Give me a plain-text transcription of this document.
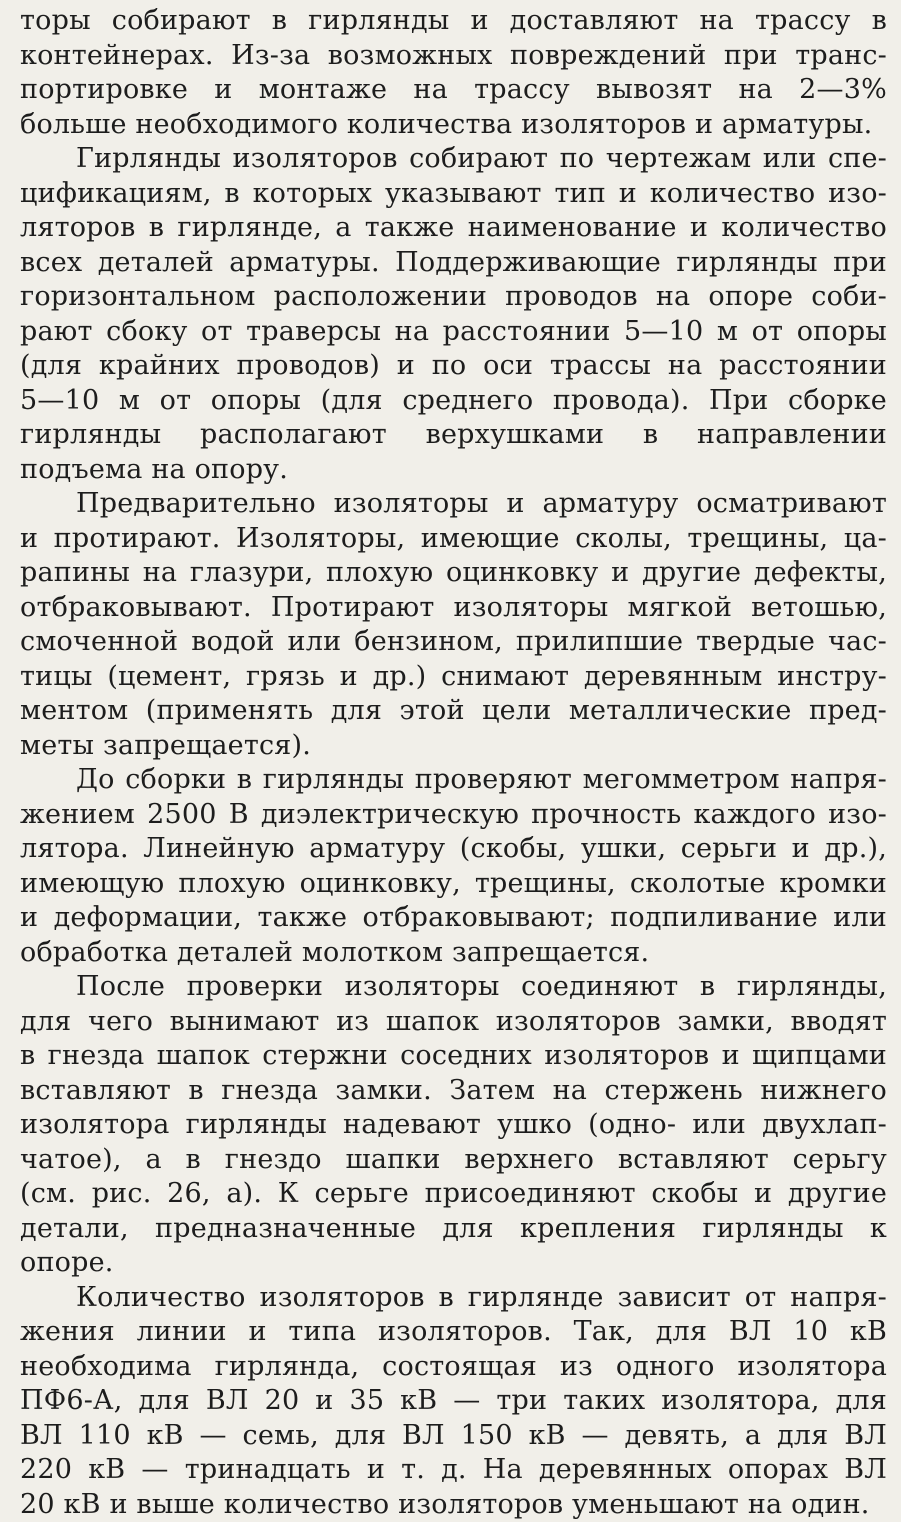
торы собирают в гирлянды и доставляют на трассу в
контейнерах. Из-за возможных повреждений при транс-
портировке и монтаже на трассу вывозят на 2—3%
больше необходимого количества изоляторов и арматуры.
Гирлянды изоляторов собирают по чертежам или спе-
цификациям, в которых указывают тип и количество изо-
ляторов в гирлянде, а также наименование и количество
всех деталей арматуры. Поддерживающие гирлянды при
горизонтальном расположении проводов на опоре соби-
рают сбоку от траверсы на расстоянии 5—10 м от опоры
(для крайних проводов) и по оси трассы на расстоянии
5—10 м от опоры (для среднего провода). При сборке
гирлянды располагают верхушками в направлении
подъема на опору.
Предварительно изоляторы и арматуру осматривают
и протирают. Изоляторы, имеющие сколы, трещины, ца-
рапины на глазури, плохую оцинковку и другие дефекты,
отбраковывают. Протирают изоляторы мягкой ветошью,
смоченной водой или бензином, прилипшие твердые час-
тицы (цемент, грязь и др.) снимают деревянным инстру-
ментом (применять для этой цели металлические пред-
меты запрещается).
До сборки в гирлянды проверяют мегомметром напря-
жением 2500 В диэлектрическую прочность каждого изо-
лятора. Линейную арматуру (скобы, ушки, серьги и др.),
имеющую плохую оцинковку, трещины, сколотые кромки
и деформации, также отбраковывают; подпиливание или
обработка деталей молотком запрещается.
После проверки изоляторы соединяют в гирлянды,
для чего вынимают из шапок изоляторов замки, вводят
в гнезда шапок стержни соседних изоляторов и щипцами
вставляют в гнезда замки. Затем на стержень нижнего
изолятора гирлянды надевают ушко (одно- или двухлап-
чатое), а в гнездо шапки верхнего вставляют серьгу
(см. рис. 26, а). К серьге присоединяют скобы и другие
детали, предназначенные для крепления гирлянды к
опоре.
Количество изоляторов в гирлянде зависит от напря-
жения линии и типа изоляторов. Так, для ВЛ 10 кВ
необходима гирлянда, состоящая из одного изолятора
ПФ6-А, для ВЛ 20 и 35 кВ — три таких изолятора, для
ВЛ 110 кВ — семь, для ВЛ 150 кВ — девять, а для ВЛ
220 кВ — тринадцать и т. д. На деревянных опорах ВЛ
20 кВ и выше количество изоляторов уменьшают на один.
